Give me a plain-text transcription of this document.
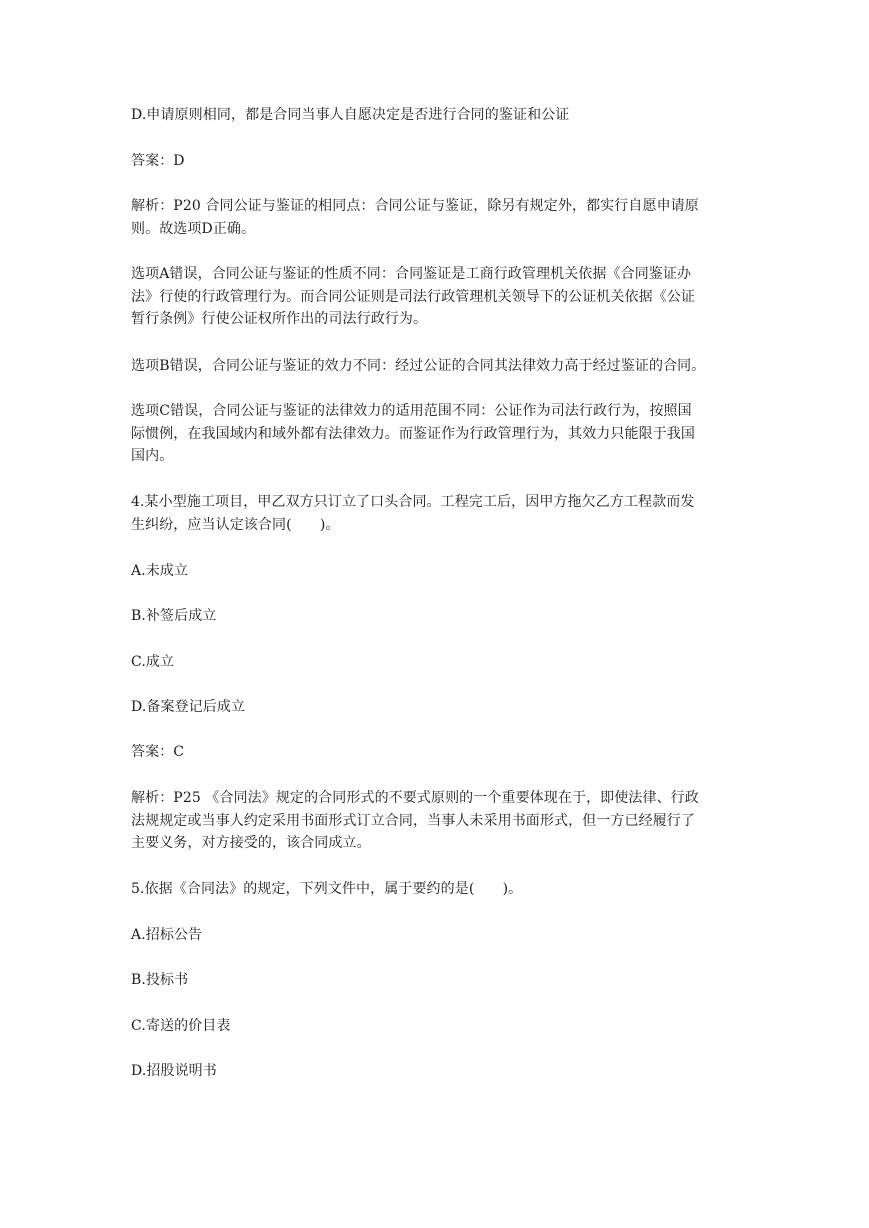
D.申请原则相同，都是合同当事人自愿决定是否进行合同的鉴证和公证
答案：D
解析：P20 合同公证与鉴证的相同点：合同公证与鉴证，除另有规定外，都实行自愿申请原
则。故选项D正确。
选项A错误，合同公证与鉴证的性质不同：合同鉴证是工商行政管理机关依据《合同鉴证办
法》行使的行政管理行为。而合同公证则是司法行政管理机关领导下的公证机关依据《公证
暂行条例》行使公证权所作出的司法行政行为。
选项B错误，合同公证与鉴证的效力不同：经过公证的合同其法律效力高于经过鉴证的合同。
选项C错误，合同公证与鉴证的法律效力的适用范围不同：公证作为司法行政行为，按照国
际惯例，在我国域内和域外都有法律效力。而鉴证作为行政管理行为，其效力只能限于我国
国内。
4.某小型施工项目，甲乙双方只订立了口头合同。工程完工后，因甲方拖欠乙方工程款而发
生纠纷，应当认定该合同(　　)。
A.未成立
B.补签后成立
C.成立
D.备案登记后成立
答案：C
解析：P25 《合同法》规定的合同形式的不要式原则的一个重要体现在于，即使法律、行政
法规规定或当事人约定采用书面形式订立合同，当事人未采用书面形式，但一方已经履行了
主要义务，对方接受的，该合同成立。
5.依据《合同法》的规定，下列文件中，属于要约的是(　　)。
A.招标公告
B.投标书
C.寄送的价目表
D.招股说明书
